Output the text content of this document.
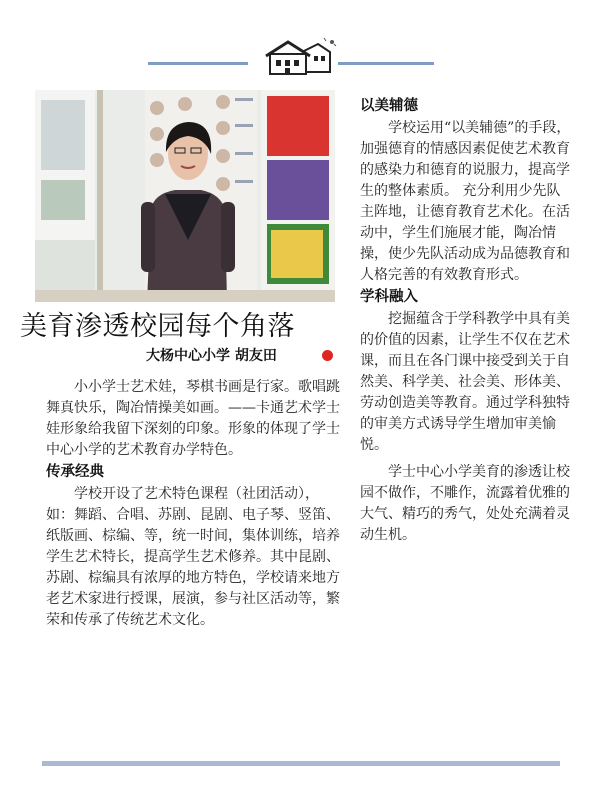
美育渗透校园每个角落
大杨中心小学 胡友田

小小学士艺术娃，琴棋书画是行家。歌唱跳舞真快乐，陶冶情操美如画。——卡通艺术学士娃形象给我留下深刻的印象。形象的体现了学士中心小学的艺术教育办学特色。

传承经典

学校开设了艺术特色课程（社团活动），如：舞蹈、合唱、苏剧、昆剧、电子琴、竖笛、纸版画、棕编、等，统一时间，集体训练，培养学生艺术特长，提高学生艺术修养。其中昆剧、苏剧、棕编具有浓厚的地方特色，学校请来地方老艺术家进行授课，展演，参与社区活动等，繁荣和传承了传统艺术文化。

以美辅德

学校运用“以美辅德”的手段，加强德育的情感因素促使艺术教育的感染力和德育的说服力，提高学生的整体素质。 充分利用少先队主阵地，让德育教育艺术化。在活动中，学生们施展才能，陶冶情操，使少先队活动成为品德教育和人格完善的有效教育形式。

学科融入

挖掘蕴含于学科教学中具有美的价值的因素，让学生不仅在艺术课，而且在各门课中接受到关于自然美、科学美、社会美、形体美、劳动创造美等教育。通过学科独特的审美方式诱导学生增加审美愉悦。

学士中心小学美育的渗透让校园不做作，不雕作，流露着优雅的大气、精巧的秀气，处处充满着灵动生机。
